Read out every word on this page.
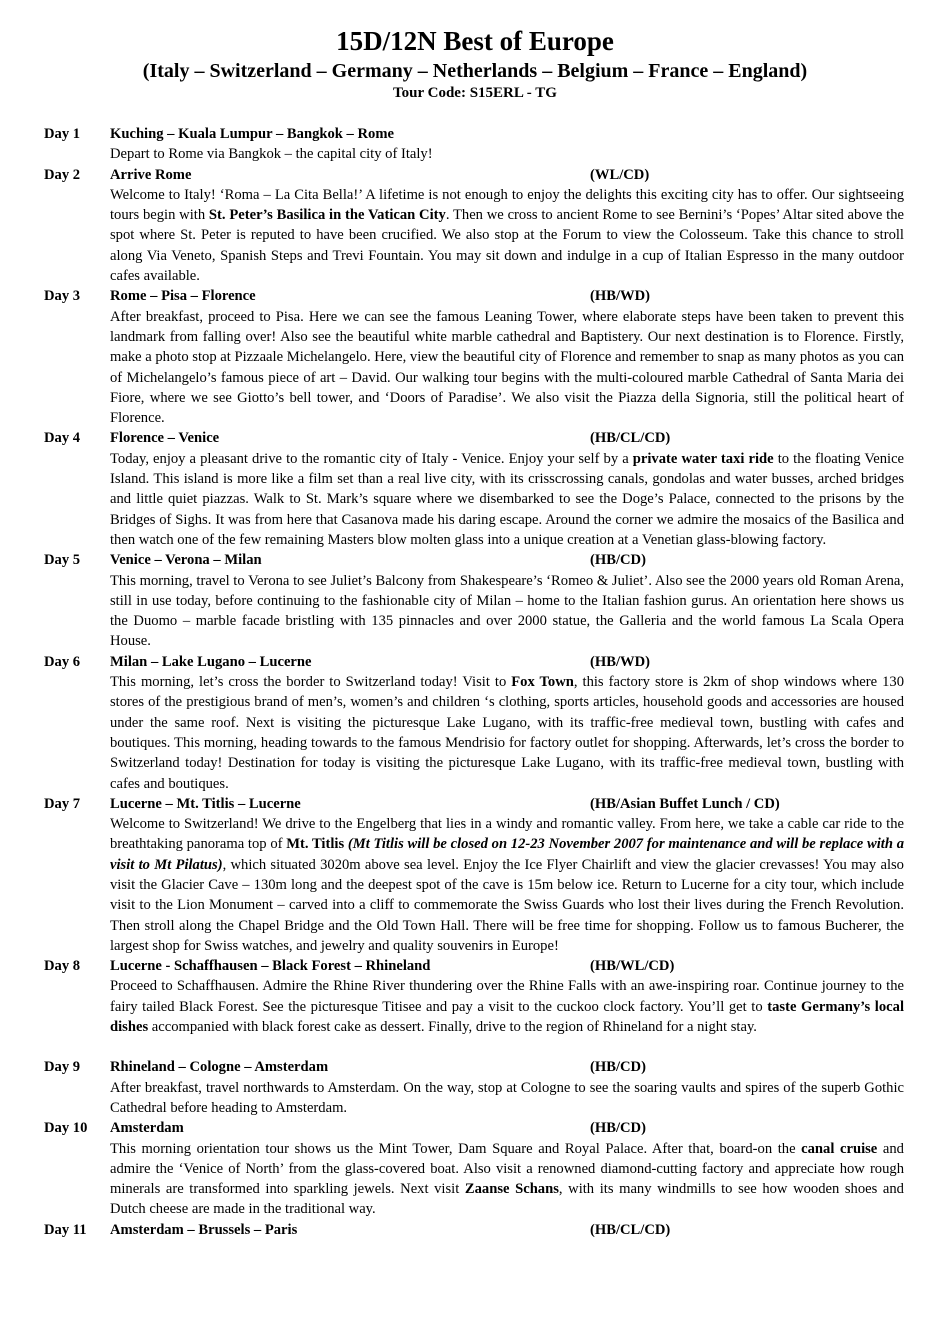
15D/12N Best of Europe
(Italy – Switzerland – Germany – Netherlands – Belgium – France – England)
Tour Code: S15ERL - TG
Day 1	Kuching – Kuala Lumpur – Bangkok – Rome
Depart to Rome via Bangkok – the capital city of Italy!
Day 2	Arrive Rome	(WL/CD)
Welcome to Italy! ‘Roma – La Cita Bella!’ A lifetime is not enough to enjoy the delights this exciting city has to offer. Our sightseeing tours begin with St. Peter’s Basilica in the Vatican City. Then we cross to ancient Rome to see Bernini’s ‘Popes’ Altar sited above the spot where St. Peter is reputed to have been crucified. We also stop at the Forum to view the Colosseum. Take this chance to stroll along Via Veneto, Spanish Steps and Trevi Fountain. You may sit down and indulge in a cup of Italian Espresso in the many outdoor cafes available.
Day 3	Rome – Pisa – Florence	(HB/WD)
After breakfast, proceed to Pisa. Here we can see the famous Leaning Tower, where elaborate steps have been taken to prevent this landmark from falling over! Also see the beautiful white marble cathedral and Baptistery. Our next destination is to Florence. Firstly, make a photo stop at Pizzaale Michelangelo. Here, view the beautiful city of Florence and remember to snap as many photos as you can of Michelangelo’s famous piece of art – David. Our walking tour begins with the multi-coloured marble Cathedral of Santa Maria dei Fiore, where we see Giotto’s bell tower, and ‘Doors of Paradise’. We also visit the Piazza della Signoria, still the political heart of Florence.
Day 4	Florence – Venice	(HB/CL/CD)
Today, enjoy a pleasant drive to the romantic city of Italy - Venice. Enjoy your self by a private water taxi ride to the floating Venice Island. This island is more like a film set than a real live city, with its crisscrossing canals, gondolas and water busses, arched bridges and little quiet piazzas. Walk to St. Mark’s square where we disembarked to see the Doge’s Palace, connected to the prisons by the Bridges of Sighs. It was from here that Casanova made his daring escape. Around the corner we admire the mosaics of the Basilica and then watch one of the few remaining Masters blow molten glass into a unique creation at a Venetian glass-blowing factory.
Day 5	Venice – Verona – Milan	(HB/CD)
This morning, travel to Verona to see Juliet’s Balcony from Shakespeare’s ‘Romeo & Juliet’. Also see the 2000 years old Roman Arena, still in use today, before continuing to the fashionable city of Milan – home to the Italian fashion gurus. An orientation here shows us the Duomo – marble facade bristling with 135 pinnacles and over 2000 statue, the Galleria and the world famous La Scala Opera House.
Day 6	Milan – Lake Lugano – Lucerne	(HB/WD)
This morning, let’s cross the border to Switzerland today! Visit to Fox Town, this factory store is 2km of shop windows where 130 stores of the prestigious brand of men’s, women’s and children ‘s clothing, sports articles, household goods and accessories are housed under the same roof. Next is visiting the picturesque Lake Lugano, with its traffic-free medieval town, bustling with cafes and boutiques. This morning, heading towards to the famous Mendrisio for factory outlet for shopping. Afterwards, let’s cross the border to Switzerland today! Destination for today is visiting the picturesque Lake Lugano, with its traffic-free medieval town, bustling with cafes and boutiques.
Day 7	Lucerne – Mt. Titlis – Lucerne	(HB/Asian Buffet Lunch / CD)
Welcome to Switzerland! We drive to the Engelberg that lies in a windy and romantic valley. From here, we take a cable car ride to the breathtaking panorama top of Mt. Titlis (Mt Titlis will be closed on 12-23 November 2007 for maintenance and will be replace with a visit to Mt Pilatus), which situated 3020m above sea level. Enjoy the Ice Flyer Chairlift and view the glacier crevasses! You may also visit the Glacier Cave – 130m long and the deepest spot of the cave is 15m below ice. Return to Lucerne for a city tour, which include visit to the Lion Monument – carved into a cliff to commemorate the Swiss Guards who lost their lives during the French Revolution. Then stroll along the Chapel Bridge and the Old Town Hall. There will be free time for shopping. Follow us to famous Bucherer, the largest shop for Swiss watches, and jewelry and quality souvenirs in Europe!
Day 8	Lucerne - Schaffhausen – Black Forest – Rhineland	(HB/WL/CD)
Proceed to Schaffhausen. Admire the Rhine River thundering over the Rhine Falls with an awe-inspiring roar. Continue journey to the fairy tailed Black Forest. See the picturesque Titisee and pay a visit to the cuckoo clock factory. You’ll get to taste Germany’s local dishes accompanied with black forest cake as dessert. Finally, drive to the region of Rhineland for a night stay.
Day 9	Rhineland – Cologne – Amsterdam	(HB/CD)
After breakfast, travel northwards to Amsterdam. On the way, stop at Cologne to see the soaring vaults and spires of the superb Gothic Cathedral before heading to Amsterdam.
Day 10	Amsterdam	(HB/CD)
This morning orientation tour shows us the Mint Tower, Dam Square and Royal Palace. After that, board-on the canal cruise and admire the ‘Venice of North’ from the glass-covered boat. Also visit a renowned diamond-cutting factory and appreciate how rough minerals are transformed into sparkling jewels. Next visit Zaanse Schans, with its many windmills to see how wooden shoes and Dutch cheese are made in the traditional way.
Day 11	Amsterdam – Brussels – Paris	(HB/CL/CD)
